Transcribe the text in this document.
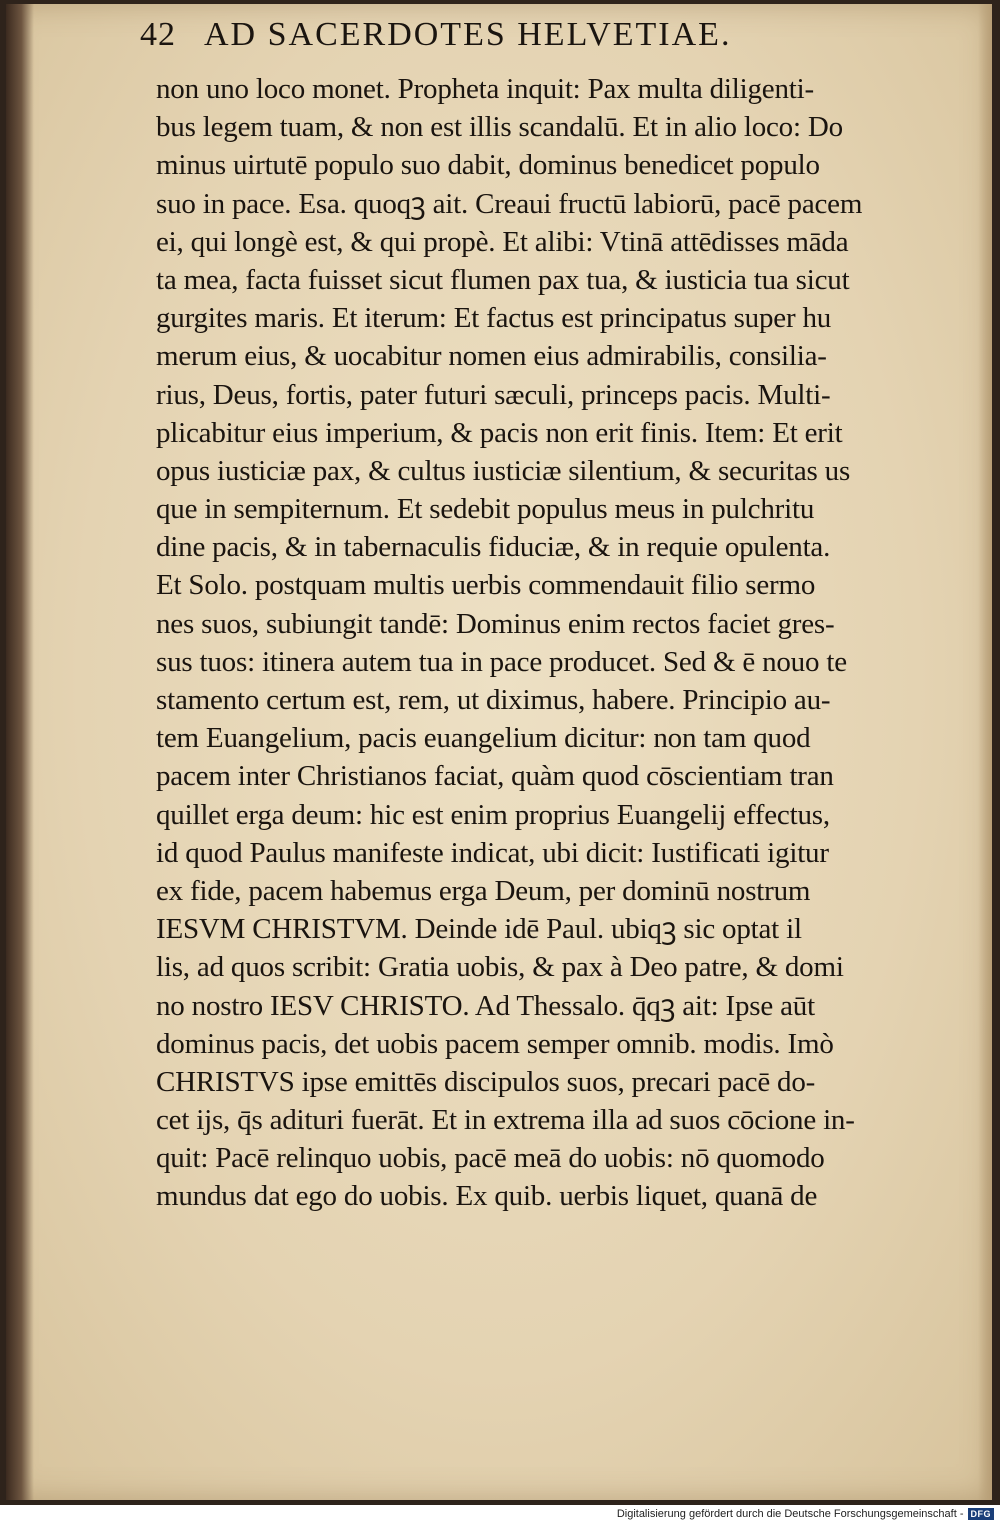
42 AD SACERDOTES HELVETIAE.
non uno loco monet. Propheta inquit: Pax multa diligenti-
bus legem tuam, & non est illis scandalū. Et in alio loco: Do
minus uirtutē populo suo dabit, dominus benedicet populo
suo in pace. Esa. quoqꝫ ait. Creaui fructū labiorū, pacē pacem
ei, qui longè est, & qui propè. Et alibi: Vtinā attēdisses māda
ta mea, facta fuisset sicut flumen pax tua, & iusticia tua sicut
gurgites maris. Et iterum: Et factus est principatus super hu
merum eius, & uocabitur nomen eius admirabilis, consilia-
rius, Deus, fortis, pater futuri sæculi, princeps pacis. Multi-
plicabitur eius imperium, & pacis non erit finis. Item: Et erit
opus iusticiæ pax, & cultus iusticiæ silentium, & securitas us
que in sempiternum. Et sedebit populus meus in pulchritu
dine pacis, & in tabernaculis fiduciæ, & in requie opulenta.
Et Solo. postquam multis uerbis commendauit filio sermo
nes suos, subiungit tandē: Dominus enim rectos faciet gres-
sus tuos: itinera autem tua in pace producet. Sed & ē nouo te
stamento certum est, rem, ut diximus, habere. Principio au-
tem Euangelium, pacis euangelium dicitur: non tam quod
pacem inter Christianos faciat, quàm quod cōscientiam tran
quillet erga deum: hic est enim proprius Euangelij effectus,
id quod Paulus manifeste indicat, ubi dicit: Iustificati igitur
ex fide, pacem habemus erga Deum, per dominū nostrum
IESVM CHRISTVM. Deinde idē Paul. ubiqꝫ sic optat il
lis, ad quos scribit: Gratia uobis, & pax à Deo patre, & domi
no nostro IESV CHRISTO. Ad Thessalo. q̄qꝫ ait: Ipse aūt
dominus pacis, det uobis pacem semper omnib. modis. Imò
CHRISTVS ipse emittēs discipulos suos, precari pacē do-
cet ijs, q̄s adituri fuerāt. Et in extrema illa ad suos cōcione in-
quit: Pacē relinquo uobis, pacē meā do uobis: nō quomodo
mundus dat ego do uobis. Ex quib. uerbis liquet, quanā de
Digitalisierung gefördert durch die Deutsche Forschungsgemeinschaft - DFG
